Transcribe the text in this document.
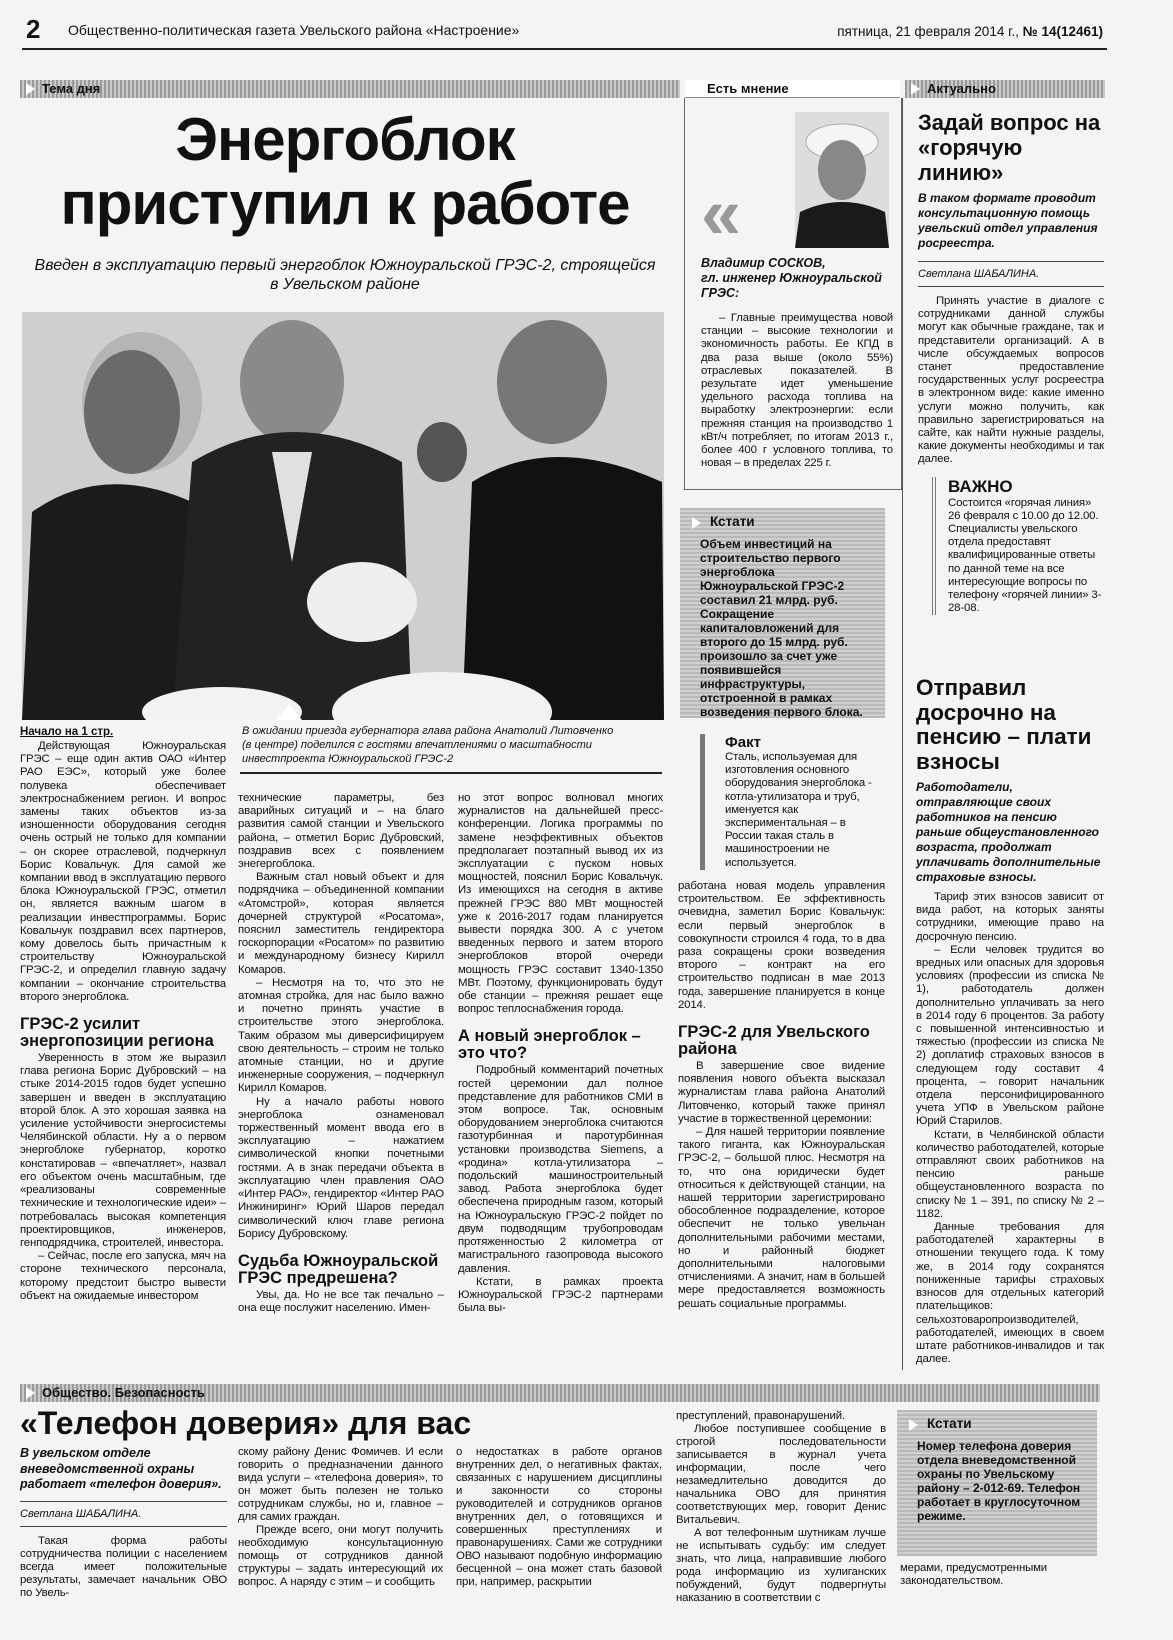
2 Общественно-политическая газета Увельского района «Настроение»	пятница, 21 февраля 2014 г., № 14(12461)
Тема дня	Есть мнение	Актуально
Энергоблок
приступил к работе
Введен в эксплуатацию первый энергоблок Южноуральской ГРЭС-2, строящейся в Увельском районе
В ожидании приезда губернатора глава района Анатолий Литовченко (в центре) поделился с гостями впечатлениями о масштабности инвестпроекта Южноуральской ГРЭС-2
Начало на 1 стр.

Действующая Южноуральская ГРЭС – еще один актив ОАО «Интер РАО ЕЭС», который уже более полувека обеспечивает электроснабжением регион. И вопрос замены таких объектов из-за изношенности оборудования сегодня очень острый не только для компании – он скорее отраслевой, подчеркнул Борис Ковальчук. Для самой же компании ввод в эксплуатацию первого блока Южноуральской ГРЭС, отметил он, является важным шагом в реализации инвестпрограммы. Борис Ковальчук поздравил всех партнеров, кому довелось быть причастным к строительству Южноуральской ГРЭС-2, и определил главную задачу компании – окончание строительства второго энергоблока.

ГРЭС-2 усилит энергопозиции региона

Уверенность в этом же выразил глава региона Борис Дубровский – на стыке 2014-2015 годов будет успешно завершен и введен в эксплуатацию второй блок. А это хорошая заявка на усиление устойчивости энергосистемы Челябинской области. Ну а о первом энергоблоке губернатор, коротко констатировав – «впечатляет», назвал его объектом очень масштабным, где «реализованы современные технические и технологические идеи» – потребовалась высокая компетенция проектировщиков, инженеров, генподрядчика, строителей, инвестора.

– Сейчас, после его запуска, мяч на стороне технического персонала, которому предстоит быстро вывести объект на ожидаемые инвестором

технические параметры, без аварийных ситуаций и – на благо развития самой станции и Увельского района, – отметил Борис Дубровский, поздравив всех с появлением энегергоблока.

Важным стал новый объект и для подрядчика – объединенной компании «Атомстрой», которая является дочерней структурой «Росатома», пояснил заместитель гендиректора госкорпорации «Росатом» по развитию и международному бизнесу Кирилл Комаров.

– Несмотря на то, что это не атомная стройка, для нас было важно и почетно принять участие в строительстве этого энергоблока. Таким образом мы диверсифицируем свою деятельность – строим не только атомные станции, но и другие инженерные сооружения, – подчеркнул Кирилл Комаров.

Ну а начало работы нового энергоблока ознаменовал торжественный момент ввода его в эксплуатацию – нажатием символической кнопки почетными гостями. А в знак передачи объекта в эксплуатацию член правления ОАО «Интер РАО», гендиректор «Интер РАО Инжиниринг» Юрий Шаров передал символический ключ главе региона Борису Дубровскому.

Судьба Южноуральской ГРЭС предрешена?

Увы, да. Но не все так печально – она еще послужит населению. Имен-

но этот вопрос волновал многих журналистов на дальнейшей пресс-конференции. Логика программы по замене неэффективных объектов предполагает поэтапный вывод их из эксплуатации с пуском новых мощностей, пояснил Борис Ковальчук. Из имеющихся на сегодня в активе прежней ГРЭС 880 МВт мощностей уже к 2016-2017 годам планируется вывести порядка 300. А с учетом введенных первого и затем второго энергоблоков второй очереди мощность ГРЭС составит 1340-1350 МВт. Поэтому, функционировать будут обе станции – прежняя решает еще вопрос теплоснабжения города.

А новый энергоблок – это что?

Подробный комментарий почетных гостей церемонии дал полное представление для работников СМИ в этом вопросе. Так, основным оборудованием энергоблока считаются газотурбинная и паротурбинная установки производства Siemens, а «родина» котла-утилизатора – подольский машиностроительный завод. Работа энергоблока будет обеспечена природным газом, который на Южноуральскую ГРЭС-2 пойдет по двум подводящим трубопроводам протяженностью 2 километра от магистрального газопровода высокого давления.

Кстати, в рамках проекта Южноуральской ГРЭС-2 партнерами была вы-

работана новая модель управления строительством. Ее эффективность очевидна, заметил Борис Ковальчук: если первый энергоблок в совокупности строился 4 года, то в два раза сокращены сроки возведения второго – контракт на его строительство подписан в мае 2013 года, завершение планируется в конце 2014.

ГРЭС-2 для Увельского района

В завершение свое видение появления нового объекта высказал журналистам глава района Анатолий Литовченко, который также принял участие в торжественной церемонии:

– Для нашей территории появление такого гиганта, как Южноуральская ГРЭС-2, – большой плюс. Несмотря на то, что она юридически будет относиться к действующей станции, на нашей территории зарегистрировано обособленное подразделение, которое обеспечит не только увельчан дополнительными рабочими местами, но и районный бюджет дополнительными налоговыми отчислениями. А значит, нам в большей мере предоставляется возможность решать социальные программы.

«
Владимир СОСКОВ,
гл. инженер Южноуральской ГРЭС:

– Главные преимущества новой станции – высокие технологии и экономичность работы. Ее КПД в два раза выше (около 55%) отраслевых показателей. В результате идет уменьшение удельного расхода топлива на выработку электроэнергии: если прежняя станция на производство 1 кВт/ч потребляет, по итогам 2013 г., более 400 г условного топлива, то новая – в пределах 225 г.

Кстати
Объем инвестиций на строительство первого энергоблока Южноуральской ГРЭС-2 составил 21 млрд. руб. Сокращение капиталовложений для второго до 15 млрд. руб. произошло за счет уже появившейся инфраструктуры, отстроенной в рамках возведения первого блока.
Факт

Сталь, используемая для изготовления основного оборудования энергоблока - котла-утилизатора и труб, именуется как экспериментальная – в России такая сталь в машиностроении не используется.

Задай вопрос на «горячую линию»
В таком формате проводит консультационную помощь увельский отдел управления росреестра.
Светлана ШАБАЛИНА.

Принять участие в диалоге с сотрудниками данной службы могут как обычные граждане, так и представители организаций. А в числе обсуждаемых вопросов станет предоставление государственных услуг росреестра в электронном виде: какие именно услуги можно получить, как правильно зарегистрироваться на сайте, как найти нужные разделы, какие документы необходимы и так далее.

ВАЖНО

Состоится «горячая линия» 26 февраля с 10.00 до 12.00. Специалисты увельского отдела предоставят квалифицированные ответы по данной теме на все интересующие вопросы по телефону «горячей линии» 3-28-08.

Отправил досрочно на пенсию – плати взносы
Работодатели, отправляющие своих работников на пенсию раньше общеустановленного возраста, продолжат уплачивать дополнительные страховые взносы.

Тариф этих взносов зависит от вида работ, на которых заняты сотрудники, имеющие право на досрочную пенсию.

– Если человек трудится во вредных или опасных для здоровья условиях (профессии из списка № 1), работодатель должен дополнительно уплачивать за него в 2014 году 6 процентов. За работу с повышенной интенсивностью и тяжестью (профессии из списка № 2) доплатиф страховых взносов в следующем году составит 4 процента, – говорит начальник отдела персонифицированного учета УПФ в Увельском районе Юрий Старилов.

Кстати, в Челябинской области количество работодателей, которые отправляют своих работников на пенсию раньше общеустановленного возраста по списку № 1 – 391, по списку № 2 – 1182.

Данные требования для работодателей характерны в отношении текущего года. К тому же, в 2014 году сохранятся пониженные тарифы страховых взносов для отдельных категорий плательщиков: сельхозтоваропроизводителей, работодателей, имеющих в своем штате работников-инвалидов и так далее.

Общество. Безопасность
«Телефон доверия» для вас
В увельском отделе вневедомственной охраны работает «телефон доверия».
Светлана ШАБАЛИНА.

Такая форма работы сотрудничества полиции с населением всегда имеет положительные результаты, замечает начальник ОВО по Увель-

скому району Денис Фомичев. И если говорить о предназначении данного вида услуги – «телефона доверия», то он может быть полезен не только сотрудникам службы, но и, главное – для самих граждан.

Прежде всего, они могут получить необходимую консультационную помощь от сотрудников данной структуры – задать интересующий их вопрос. А наряду с этим – и сообщить

о недостатках в работе органов внутренних дел, о негативных фактах, связанных с нарушением дисциплины и законности со стороны руководителей и сотрудников органов внутренних дел, о готовящихся и совершенных преступлениях и правонарушениях. Сами же сотрудники ОВО называют подобную информацию бесценной – она может стать базовой при, например, раскрытии

преступлений, правонарушений.

Любое поступившее сообщение в строгой последовательности записывается в журнал учета информации, после чего незамедлительно доводится до начальника ОВО для принятия соответствующих мер, говорит Денис Витальевич.

А вот телефонным шутникам лучше не испытывать судьбу: им следует знать, что лица, направившие любого рода информацию из хулиганских побуждений, будут подвергнуты наказанию в соответствии с

Кстати
Номер телефона доверия отдела вневедомственной охраны по Увельскому району – 2-012-69. Телефон работает в круглосуточном режиме.

мерами, предусмотренными законодательством.
